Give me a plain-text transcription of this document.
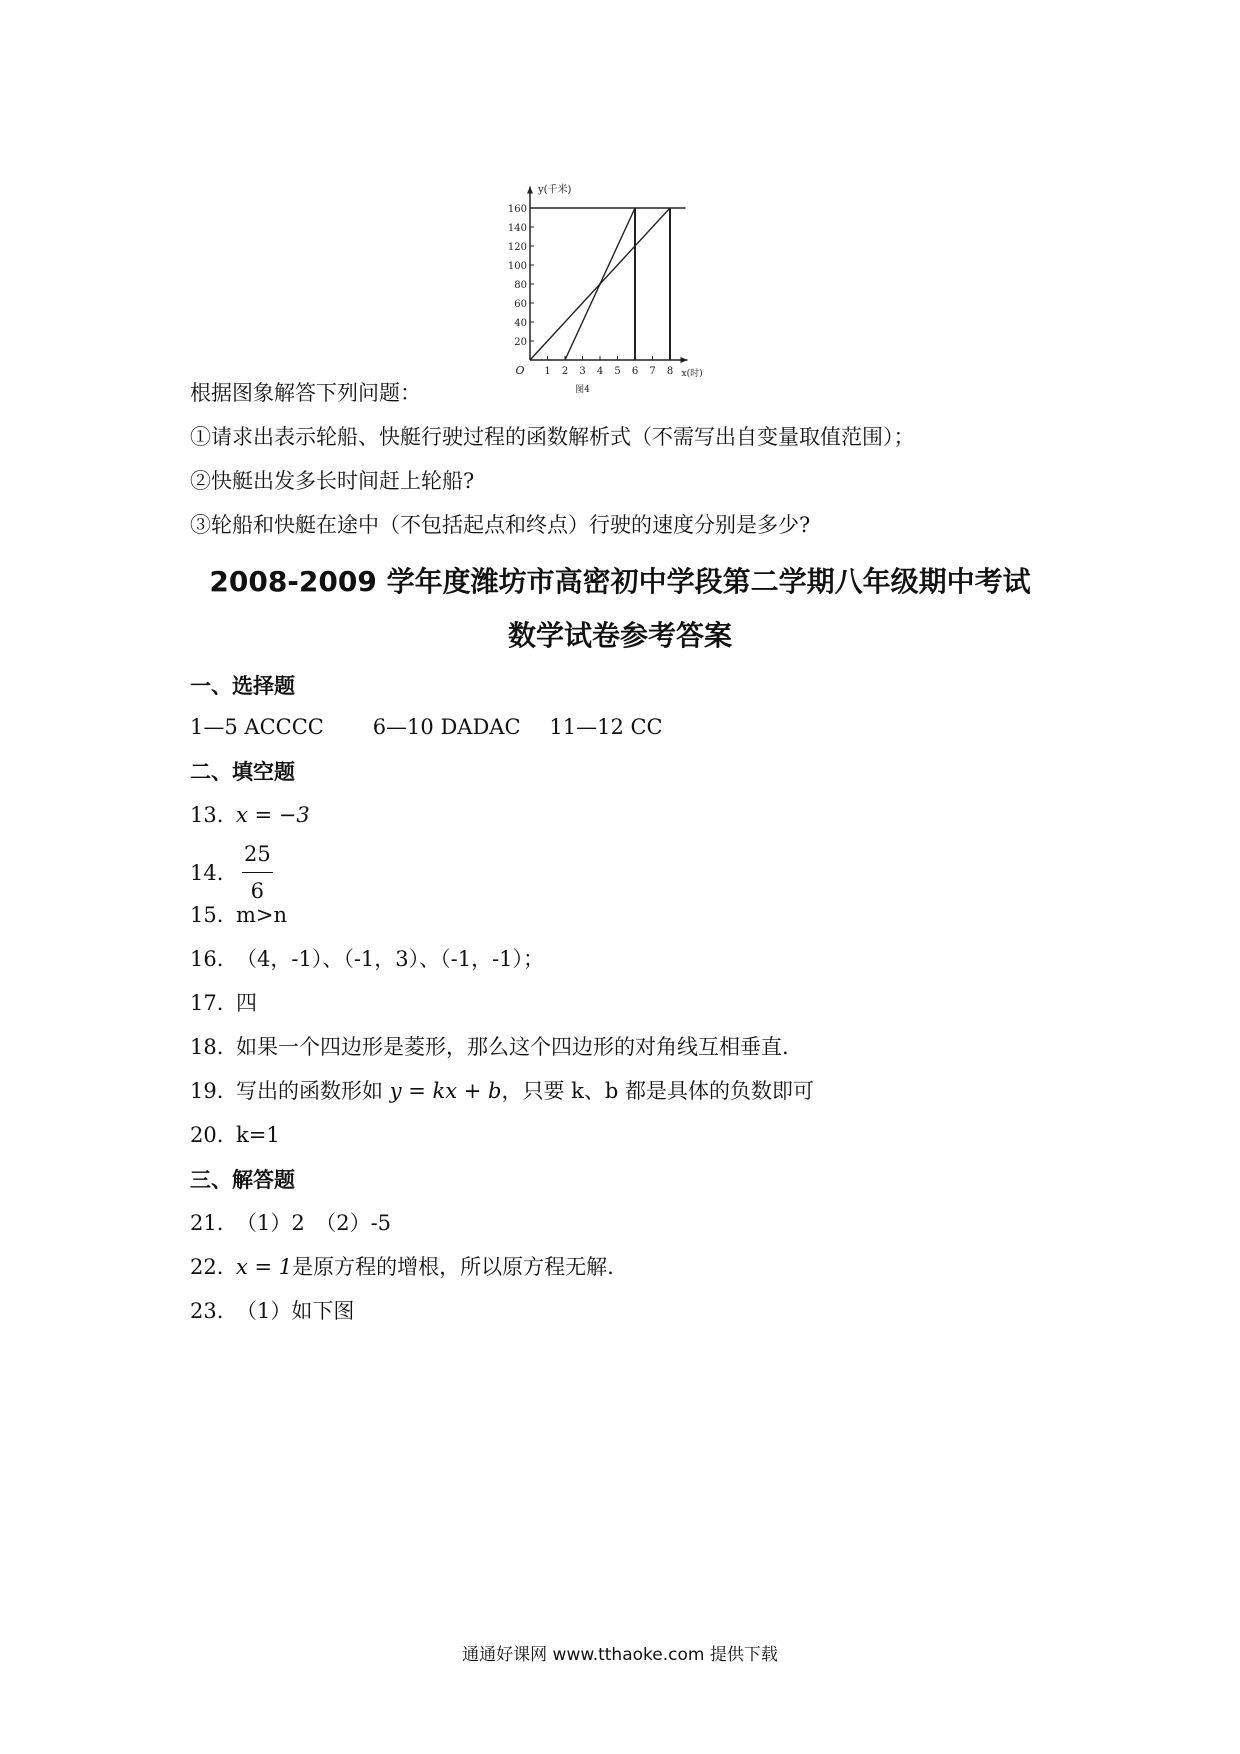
160
140
120
100
80
60
40
20
1 2 3 4 5 6 7 8
O
y(千米)
x(时)
图4
根据图象解答下列问题：
①请求出表示轮船、快艇行驶过程的函数解析式（不需写出自变量取值范围）；
②快艇出发多长时间赶上轮船?
③轮船和快艇在途中（不包括起点和终点）行驶的速度分别是多少?
2008-2009 学年度潍坊市高密初中学段第二学期八年级期中考试
数学试卷参考答案
一、选择题
1—5 ACCCC 6—10 DADAC 11—12 CC
二、填空题
13. x = −3
14. $\frac{25}{6}$
15. m>n
16. （4，-1）、（-1，3）、（-1，-1）；
17. 四
18. 如果一个四边形是菱形，那么这个四边形的对角线互相垂直.
19. 写出的函数形如 y = kx + b，只要 k、b 都是具体的负数即可
20. k=1
三、解答题
21. （1）2　（2）-5
22. x = 1是原方程的增根，所以原方程无解.
23. （1）如下图
通通好课网 www.tthaoke.com 提供下载
